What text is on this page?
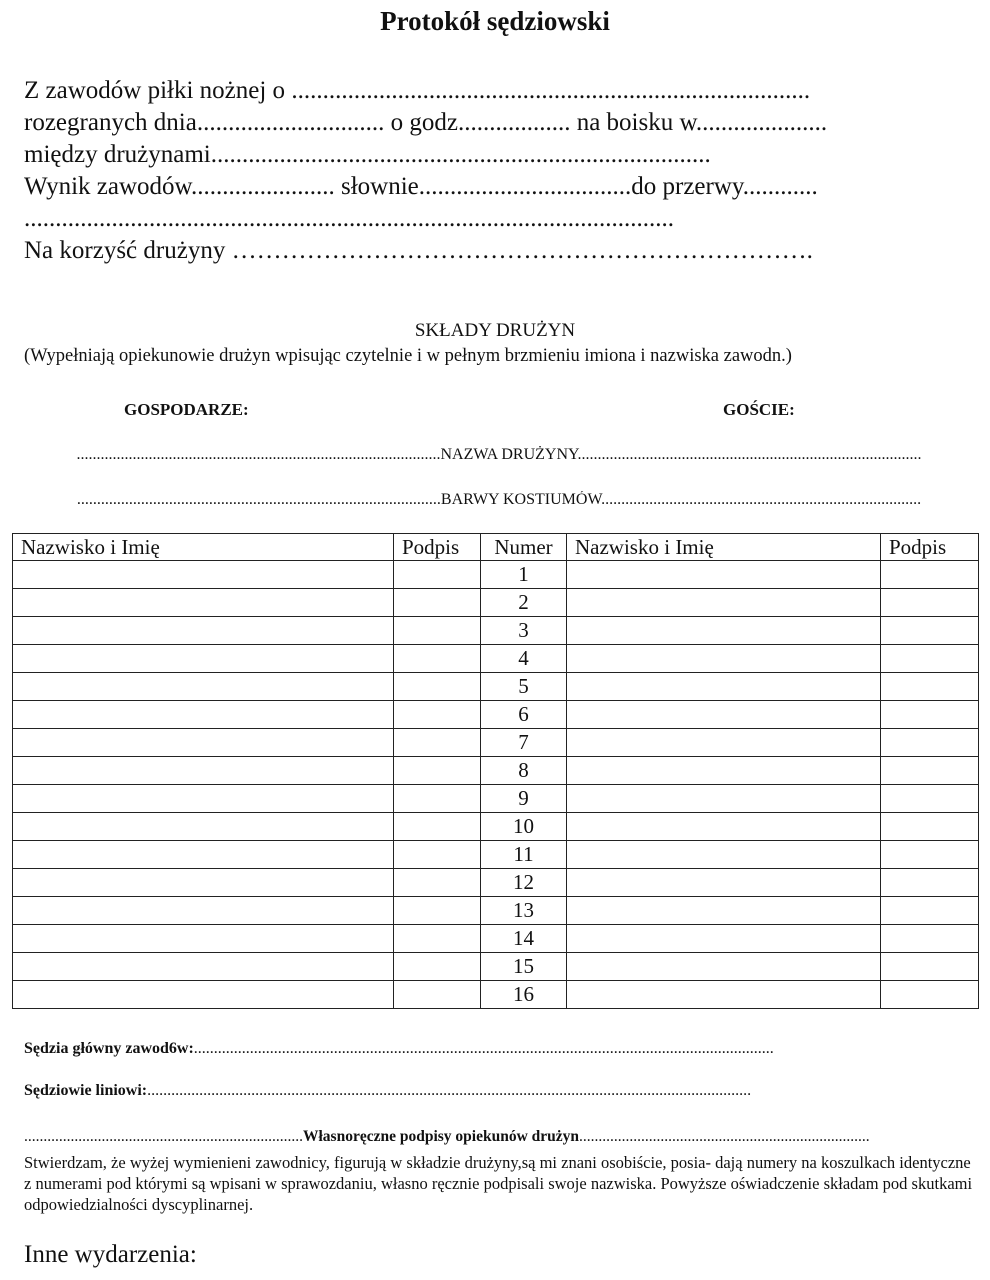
Protokół sędziowski
Z zawodów piłki nożnej o ...................................................................................
rozegranych dnia.............................. o godz.................. na boisku w.....................
między drużynami................................................................................
Wynik zawodów....................... słownie..................................do przerwy............
........................................................................................................
Na korzyść drużyny …………………………………………………………….
SKŁADY DRUŻYN
(Wypełniają opiekunowie drużyn wpisując czytelnie i w pełnym brzmieniu imiona i nazwiska zawodn.)
GOSPODARZE:	GOŚCIE:
...........................................................................................NAZWA DRUŻYNY......................................................................................
...........................................................................................BARWY KOSTIUMÓW................................................................................
Nazwisko i Imię	Podpis	Numer	Nazwisko i Imię	Podpis
		1		
		2		
		3		
		4		
		5		
		6		
		7		
		8		
		9		
		10		
		11		
		12		
		13		
		14		
		15		
		16		
Sędzia główny zawod6w:.................................................................................................................................................
Sędziowie liniowi:.......................................................................................................................................................
........................................................................Własnoręczne podpisy opiekunów drużyn...........................................................................
Stwierdzam, że wyżej wymienieni zawodnicy, figurują w składzie drużyny,są mi znani osobiście, posia- dają numery na koszulkach identyczne z numerami pod którymi są wpisani w sprawozdaniu, własno ręcznie podpisali swoje nazwiska. Powyższe oświadczenie składam pod skutkami odpowiedzialności dyscyplinarnej.
Inne wydarzenia:
